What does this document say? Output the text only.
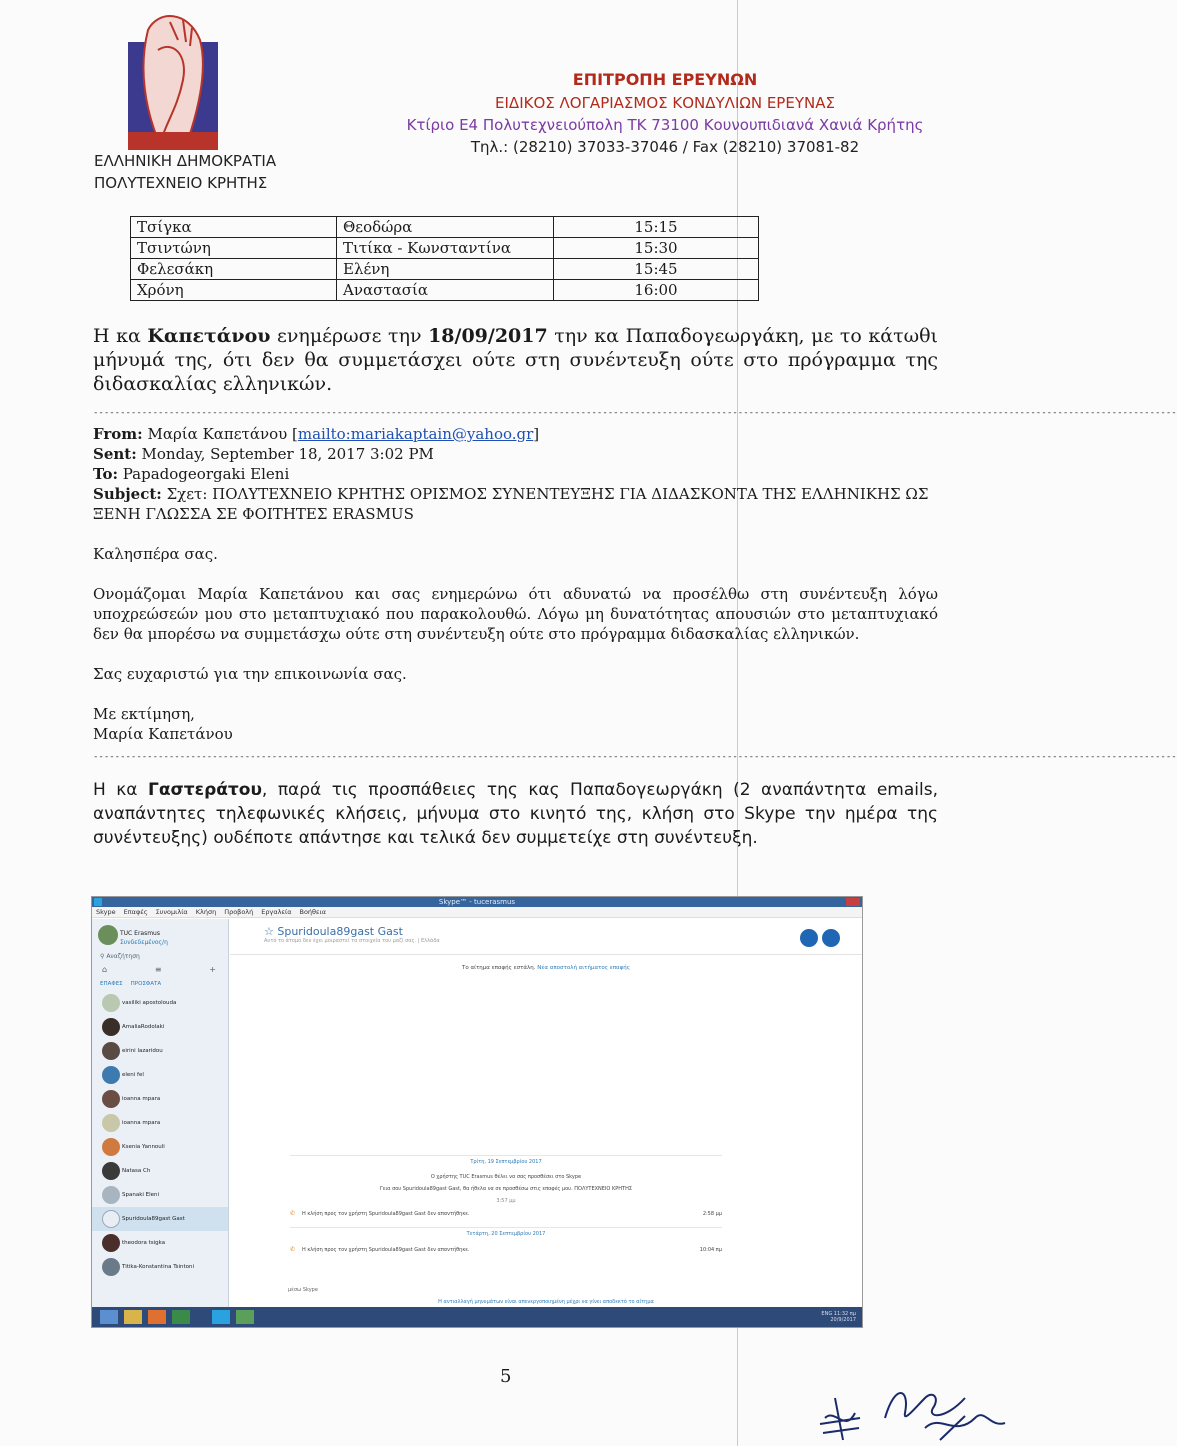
ΕΛΛΗΝΙΚΗ ΔΗΜΟΚΡΑΤΙΑ
ΠΟΛΥΤΕΧΝΕΙΟ ΚΡΗΤΗΣ
ΕΠΙΤΡΟΠΗ ΕΡΕΥΝΩΝ
ΕΙΔΙΚΟΣ ΛΟΓΑΡΙΑΣΜΟΣ ΚΟΝΔΥΛΙΩΝ ΕΡΕΥΝΑΣ
Κτίριο Ε4 Πολυτεχνειούπολη ΤΚ 73100 Κουνουπιδιανά Χανιά Κρήτης
Τηλ.: (28210) 37033-37046 / Fax (28210) 37081-82
Τσίγκα	Θεοδώρα	15:15
Τσιντώνη	Τιτίκα - Κωνσταντίνα	15:30
Φελεσάκη	Ελένη	15:45
Χρόνη	Αναστασία	16:00
Η κα Καπετάνου ενημέρωσε την 18/09/2017 την κα Παπαδογεωργάκη, με το κάτωθι μήνυμά της, ότι δεν θα συμμετάσχει ούτε στη συνέντευξη ούτε στο πρόγραμμα της διδασκαλίας ελληνικών.
--------------------------------------------------------------------------------------------------------------------------------------------------------------------------------------------------------
From: Μαρία Καπετάνου [mailto:mariakaptain@yahoo.gr]
Sent: Monday, September 18, 2017 3:02 PM
To: Papadogeorgaki Eleni
Subject: Σχετ: ΠΟΛΥΤΕΧΝΕΙΟ ΚΡΗΤΗΣ ΟΡΙΣΜΟΣ ΣΥΝΕΝΤΕΥΞΗΣ ΓΙΑ ΔΙΔΑΣΚΟΝΤΑ ΤΗΣ ΕΛΛΗΝΙΚΗΣ ΩΣ ΞΕΝΗ ΓΛΩΣΣΑ ΣΕ ΦΟΙΤΗΤΕΣ ERASMUS

Καλησπέρα σας.

Ονομάζομαι Μαρία Καπετάνου και σας ενημερώνω ότι αδυνατώ να προσέλθω στη συνέντευξη λόγω υποχρεώσεών μου στο μεταπτυχιακό που παρακολουθώ. Λόγω μη δυνατότητας απουσιών στο μεταπτυχιακό δεν θα μπορέσω να συμμετάσχω ούτε στη συνέντευξη ούτε στο πρόγραμμα διδασκαλίας ελληνικών.

Σας ευχαριστώ για την επικοινωνία σας.

Με εκτίμηση,
Μαρία Καπετάνου

--------------------------------------------------------------------------------------------------------------------------------------------------------------------------------------------------------
Η κα Γαστεράτου, παρά τις προσπάθειες της κας Παπαδογεωργάκη (2 αναπάντητα emails, αναπάντητες τηλεφωνικές κλήσεις, μήνυμα στο κινητό της, κλήση στο Skype την ημέρα της συνέντευξης) ουδέποτε απάντησε και τελικά δεν συμμετείχε στη συνέντευξη.
Skype™ - tucerasmus
Skype Επαφές Συνομιλία Κλήση Προβολή Εργαλεία Βοήθεια
TUC Erasmus
Συνδεδεμένος/η
⚲ Αναζήτηση
⌂	≡	+
ΕΠΑΦΕΣ ΠΡΟΣΦΑΤΑ
vasiliki apostolouda
AmaliaRodolaki
eirini lazaridou
eleni fel
ioanna mpara
ioanna mpara
Ksenia Yannouli
Natasa Ch
Spanaki Eleni
Spuridoula89gast Gast
theodora tsigka
Titika-Konstantina Tsintoni
☆ Spuridoula89gast Gast
Αυτό το άτομο δεν έχει μοιραστεί τα στοιχεία του μαζί σας. | Ελλάδα
Το αίτημα επαφής εστάλη. Νέα αποστολή αιτήματος επαφής
Τρίτη, 19 Σεπτεμβρίου 2017
Ο χρήστης TUC Erasmus θέλει να σας προσθέσει στο Skype
Γεια σου Spuridoula89gast Gast, θα ήθελα να σε προσθέσω στις επαφές μου. ΠΟΛΥΤΕΧΝΕΙΟ ΚΡΗΤΗΣ
3:57 μμ
✆ Η κλήση προς τον χρήστη Spuridoula89gast Gast δεν απαντήθηκε.	2:58 μμ
Τετάρτη, 20 Σεπτεμβρίου 2017
✆ Η κλήση προς τον χρήστη Spuridoula89gast Gast δεν απαντήθηκε.	10:04 πμ
μέσω Skype
Η αντιαλλαγή μηνυμάτων είναι απενεργοποιημένη μέχρι να γίνει αποδεκτό το αίτημα
ENG 11:32 πμ
20/9/2017
5
